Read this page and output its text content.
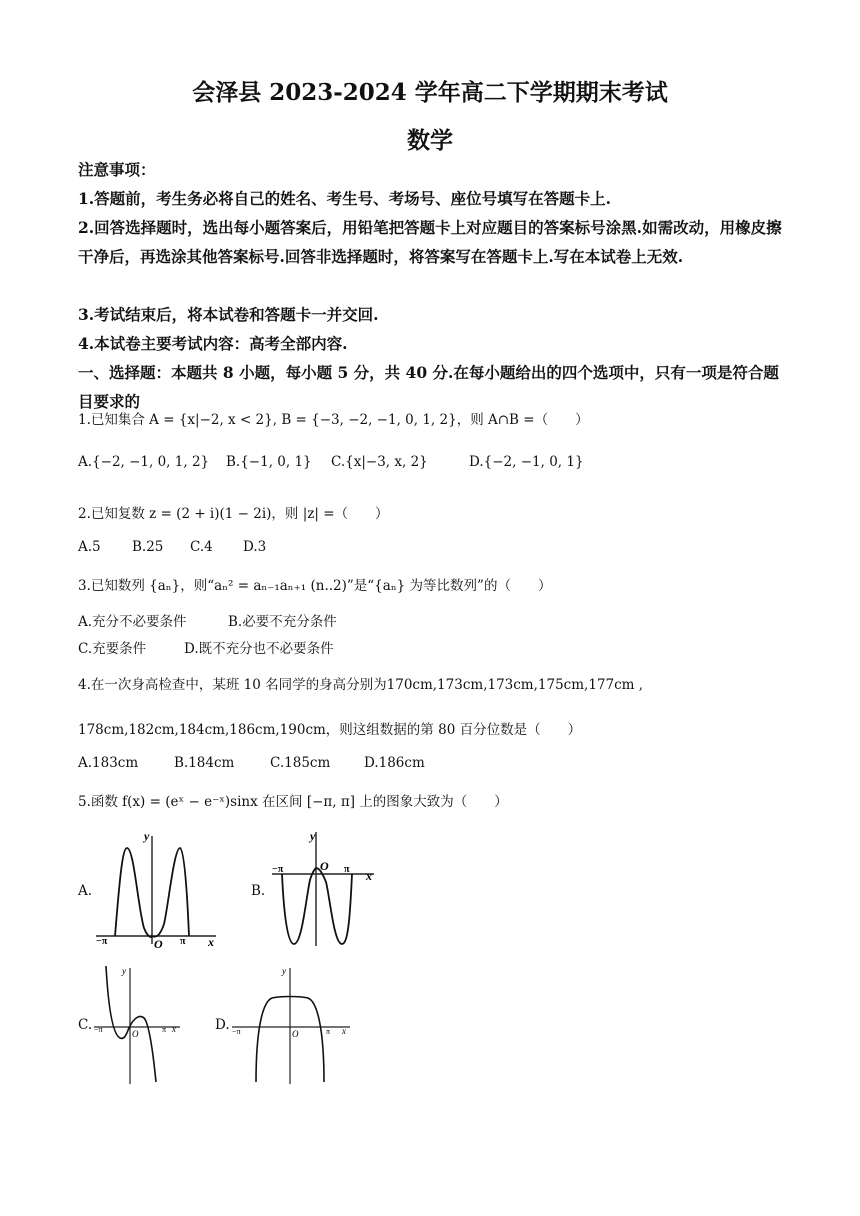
会泽县 2023-2024 学年高二下学期期末考试
数学
注意事项：
1.答题前，考生务必将自己的姓名、考生号、考场号、座位号填写在答题卡上.
2.回答选择题时，选出每小题答案后，用铅笔把答题卡上对应题目的答案标号涂黑.如需改动，用橡皮擦干净后，再选涂其他答案标号.回答非选择题时，将答案写在答题卡上.写在本试卷上无效.
3.考试结束后，将本试卷和答题卡一并交回.
4.本试卷主要考试内容：高考全部内容.
一、选择题：本题共 8 小题，每小题 5 分，共 40 分.在每小题给出的四个选项中，只有一项是符合题目要求的
1.已知集合 A = {x|−2, x < 2}, B = {−3, −2, −1, 0, 1, 2}，则 A∩B =（　　）
A.{−2, −1, 0, 1, 2} B.{−1, 0, 1} C.{x|−3, x, 2}	D.{−2, −1, 0, 1}
2.已知复数 z = (2 + i)(1 − 2i)，则 |z| =（　　）
A.5 B.25 C.4 D.3
3.已知数列 {aₙ}，则“aₙ² = aₙ₋₁aₙ₊₁ (n..2)”是“{aₙ} 为等比数列”的（　　）
A.充分不必要条件	B.必要不充分条件
C.充要条件	D.既不充分也不必要条件
4.在一次身高检查中，某班 10 名同学的身高分别为170cm,173cm,173cm,175cm,177cm ,
178cm,182cm,184cm,186cm,190cm，则这组数据的第 80 百分位数是（　　）
A.183cm	B.184cm	C.185cm D.186cm
5.函数 f(x) = (eˣ − e⁻ˣ)sinx 在区间 [−π, π] 上的图象大致为（　　）
A.	B.
C.	D.
y
x
O
−π	π
y
x
O
−π	π
y
x
O
−π	π
y
x
O
−π	π
